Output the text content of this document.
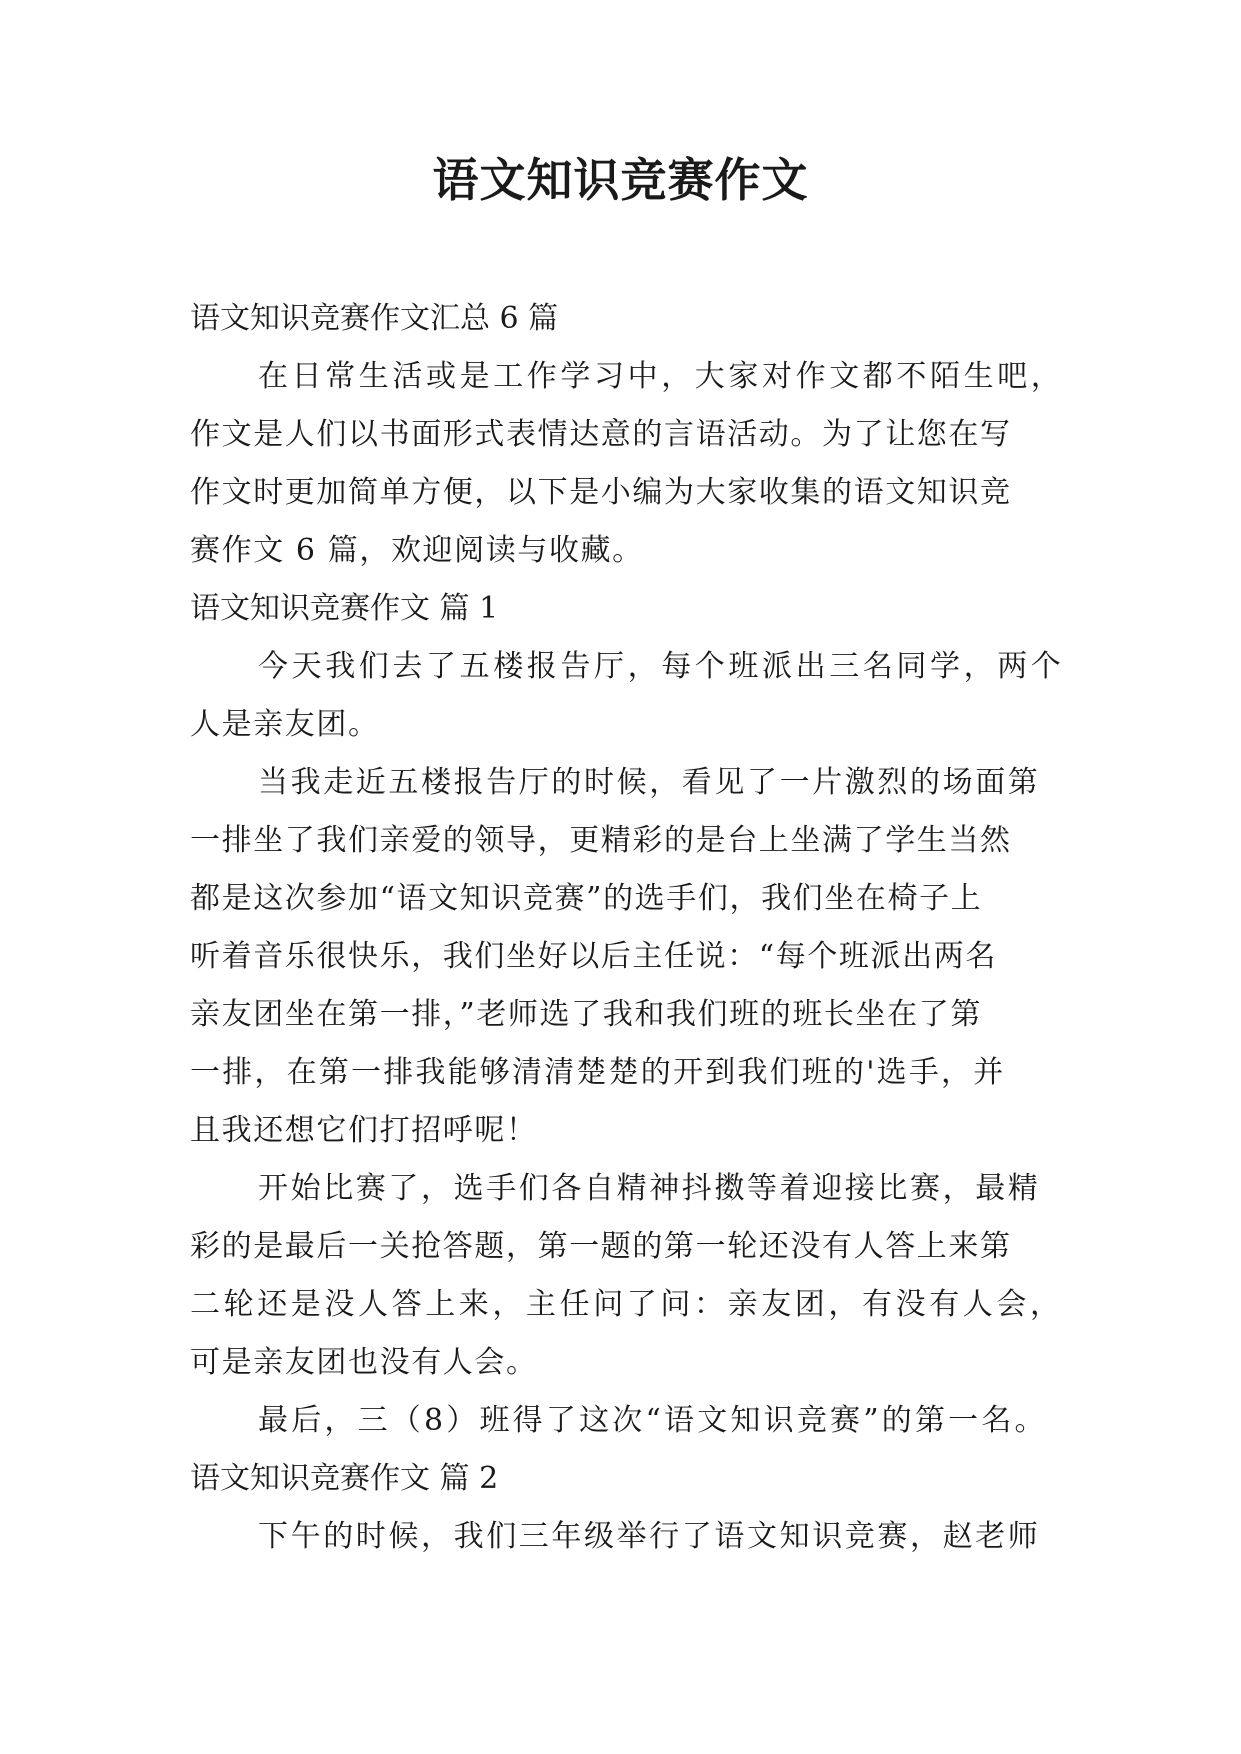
语文知识竞赛作文
语文知识竞赛作文汇总 6 篇
在日常生活或是工作学习中，大家对作文都不陌生吧，
作文是人们以书面形式表情达意的言语活动。为了让您在写
作文时更加简单方便，以下是小编为大家收集的语文知识竞
赛作文 6 篇，欢迎阅读与收藏。
语文知识竞赛作文 篇 1
今天我们去了五楼报告厅，每个班派出三名同学，两个
人是亲友团。
当我走近五楼报告厅的时候，看见了一片激烈的场面第
一排坐了我们亲爱的领导，更精彩的是台上坐满了学生当然
都是这次参加“语文知识竞赛”的选手们，我们坐在椅子上
听着音乐很快乐，我们坐好以后主任说：“每个班派出两名
亲友团坐在第一排，”老师选了我和我们班的班长坐在了第
一排，在第一排我能够清清楚楚的开到我们班的'选手，并
且我还想它们打招呼呢！
开始比赛了，选手们各自精神抖擞等着迎接比赛，最精
彩的是最后一关抢答题，第一题的第一轮还没有人答上来第
二轮还是没人答上来，主任问了问：亲友团，有没有人会，
可是亲友团也没有人会。
最后，三（8）班得了这次“语文知识竞赛”的第一名。
语文知识竞赛作文 篇 2
下午的时候，我们三年级举行了语文知识竞赛，赵老师
